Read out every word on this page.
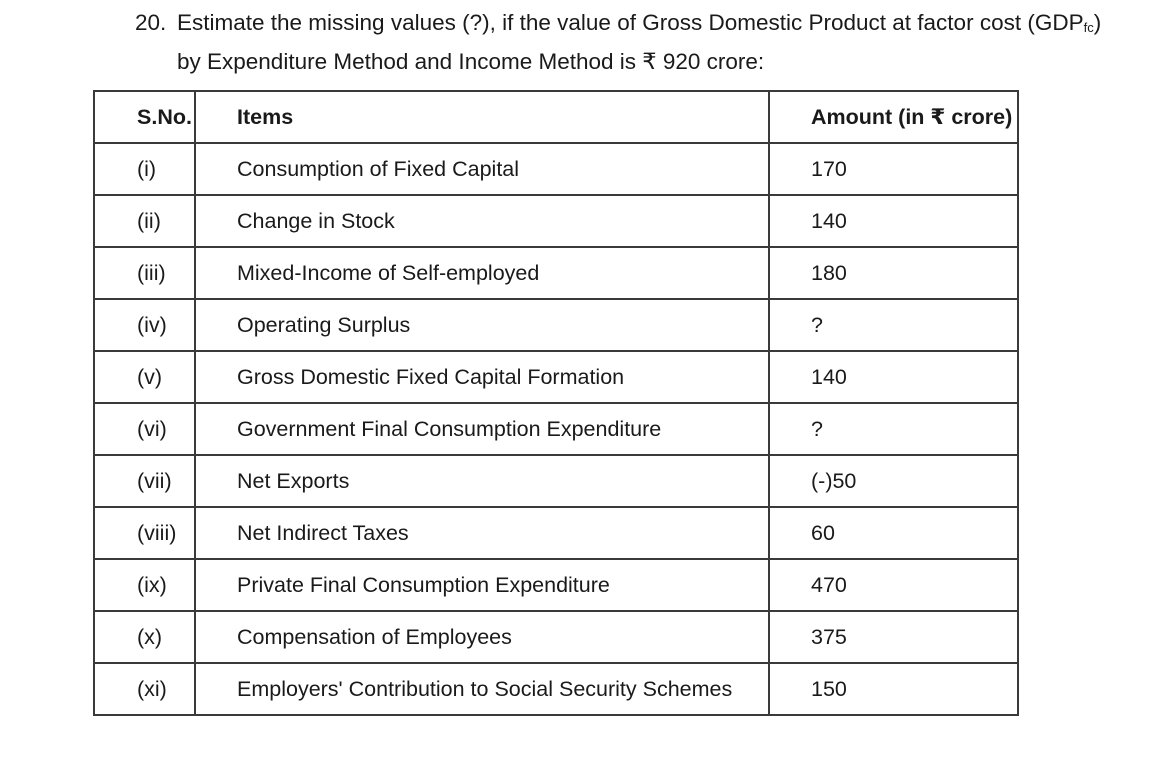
20. Estimate the missing values (?), if the value of Gross Domestic Product at factor cost (GDPfc)
by Expenditure Method and Income Method is ₹ 920 crore:
S.No.	Items	Amount (in ₹ crore)
(i)	Consumption of Fixed Capital	170
(ii)	Change in Stock	140
(iii)	Mixed-Income of Self-employed	180
(iv)	Operating Surplus	?
(v)	Gross Domestic Fixed Capital Formation	140
(vi)	Government Final Consumption Expenditure	?
(vii)	Net Exports	(-)50
(viii)	Net Indirect Taxes	60
(ix)	Private Final Consumption Expenditure	470
(x)	Compensation of Employees	375
(xi)	Employers' Contribution to Social Security Schemes	150
